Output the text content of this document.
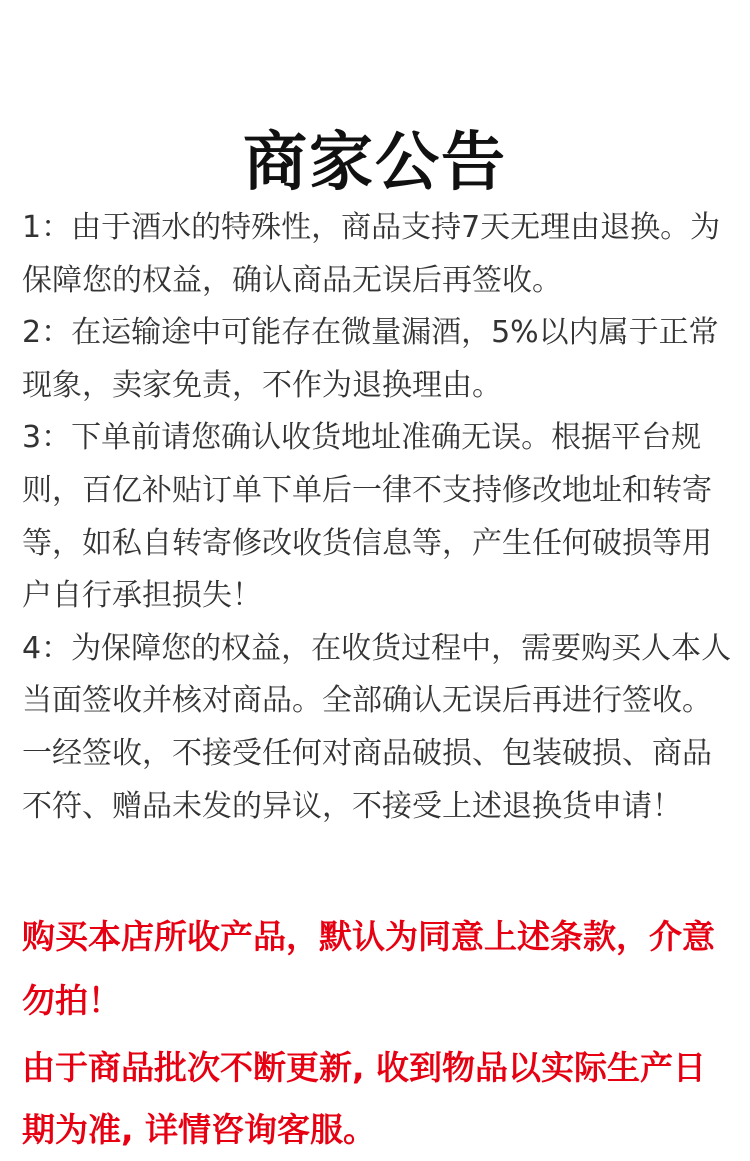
商家公告
1：由于酒水的特殊性，商品支持7天无理由退换。为保障您的权益，确认商品无误后再签收。
2：在运输途中可能存在微量漏酒，5%以内属于正常现象，卖家免责，不作为退换理由。
3：下单前请您确认收货地址准确无误。根据平台规则，百亿补贴订单下单后一律不支持修改地址和转寄等，如私自转寄修改收货信息等，产生任何破损等用户自行承担损失！
4：为保障您的权益，在收货过程中，需要购买人本人当面签收并核对商品。全部确认无误后再进行签收。一经签收，不接受任何对商品破损、包装破损、商品不符、赠品未发的异议，不接受上述退换货申请！

购买本店所收产品，默认为同意上述条款，介意勿拍！

由于商品批次不断更新, 收到物品以实际生产日期为准, 详情咨询客服。
